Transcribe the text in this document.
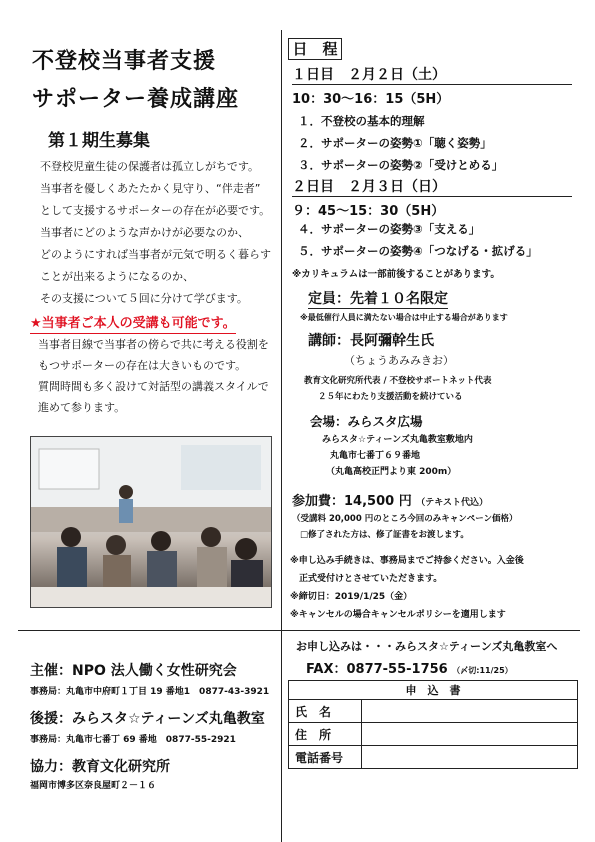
不登校当事者支援
サポーター養成講座
第１期生募集
不登校児童生徒の保護者は孤立しがちです。
当事者を優しくあたたかく見守り、“伴走者”
として支援するサポーターの存在が必要です。
当事者にどのような声かけが必要なのか、
どのようにすれば当事者が元気で明るく暮らす
ことが出来るようになるのか、
その支援について５回に分けて学びます。
★当事者ご本人の受講も可能です。
当事者目線で当事者の傍らで共に考える役割を
もつサポーターの存在は大きいものです。
質問時間も多く設けて対話型の講義スタイルで
進めて参ります。
日　程
１日目　２月２日（土）
10：30～16：15（5H）
１．不登校の基本的理解
２．サポーターの姿勢①「聴く姿勢」
３．サポーターの姿勢②「受けとめる」
２日目　２月３日（日）
９：45～15：30（5H）
４．サポーターの姿勢③「支える」
５．サポーターの姿勢④「つなげる・拡げる」
※カリキュラムは一部前後することがあります。
定員：先着１０名限定
※最低催行人員に満たない場合は中止する場合があります
講師：長阿彌幹生氏
（ちょうあみみきお）
教育文化研究所代表 / 不登校サポートネット代表
２５年にわたり支援活動を続けている
会場：みらスタ広場
みらスタ☆ティーンズ丸亀教室敷地内
丸亀市七番丁６９番地
（丸亀高校正門より東 200m）
参加費：14,500 円 （テキスト代込）
（受講料 20,000 円のところ今回のみキャンペーン価格）
□修了された方は、修了証書をお渡します。
※申し込み手続きは、事務局までご持参ください。入金後
　正式受付けとさせていただきます。
※締切日：2019/1/25（金）
※キャンセルの場合キャンセルポリシーを適用します
主催：NPO 法人働く女性研究会
事務局：丸亀市中府町１丁目 19 番地1　0877-43-3921
後援：みらスタ☆ティーンズ丸亀教室
事務局：丸亀市七番丁 69 番地　0877-55-2921
協力：教育文化研究所
福岡市博多区奈良屋町２－１６
お申し込みは・・・みらスタ☆ティーンズ丸亀教室へ
FAX：0877-55-1756 （〆切:11/25）
申　込　書	
氏　名	
住　所	
電話番号	
